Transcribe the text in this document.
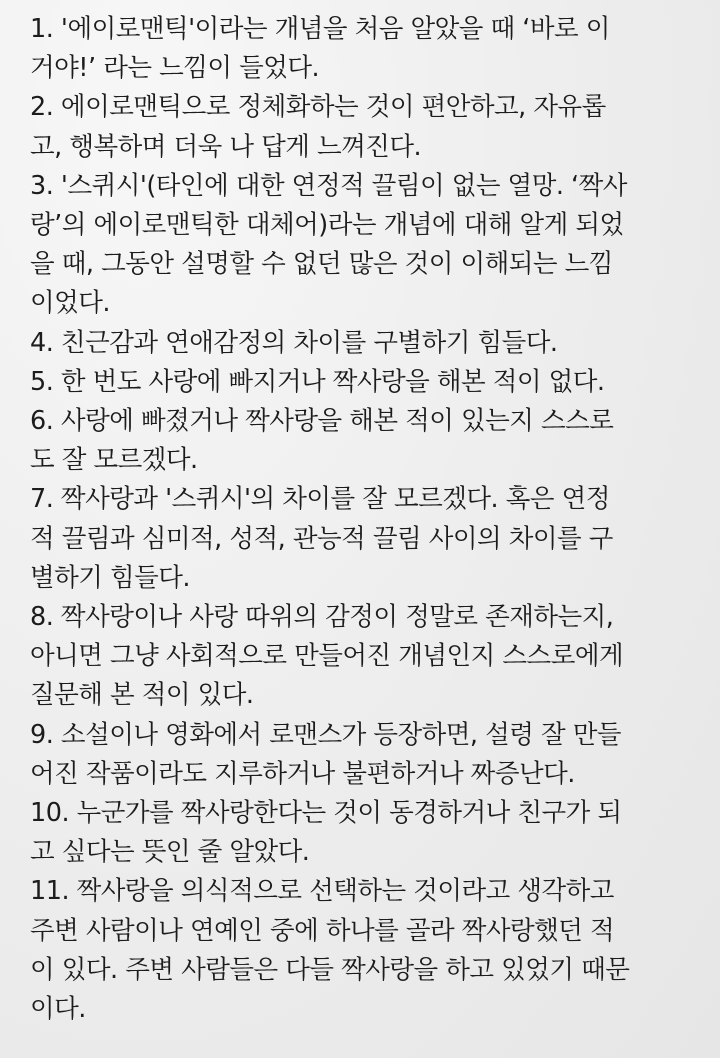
1. '에이로맨틱'이라는 개념을 처음 알았을 때 ‘바로 이
거야!’ 라는 느낌이 들었다.

2. 에이로맨틱으로 정체화하는 것이 편안하고, 자유롭
고, 행복하며 더욱 나 답게 느껴진다.

3. '스퀴시'(타인에 대한 연정적 끌림이 없는 열망. ‘짝사
랑’의 에이로맨틱한 대체어)라는 개념에 대해 알게 되었
을 때, 그동안 설명할 수 없던 많은 것이 이해되는 느낌
이었다.

4. 친근감과 연애감정의 차이를 구별하기 힘들다.

5. 한 번도 사랑에 빠지거나 짝사랑을 해본 적이 없다.

6. 사랑에 빠졌거나 짝사랑을 해본 적이 있는지 스스로
도 잘 모르겠다.

7. 짝사랑과 '스퀴시'의 차이를 잘 모르겠다. 혹은 연정
적 끌림과 심미적, 성적, 관능적 끌림 사이의 차이를 구
별하기 힘들다.

8. 짝사랑이나 사랑 따위의 감정이 정말로 존재하는지,
아니면 그냥 사회적으로 만들어진 개념인지 스스로에게
질문해 본 적이 있다.

9. 소설이나 영화에서 로맨스가 등장하면, 설령 잘 만들
어진 작품이라도 지루하거나 불편하거나 짜증난다.

10. 누군가를 짝사랑한다는 것이 동경하거나 친구가 되
고 싶다는 뜻인 줄 알았다.

11. 짝사랑을 의식적으로 선택하는 것이라고 생각하고
주변 사람이나 연예인 중에 하나를 골라 짝사랑했던 적
이 있다. 주변 사람들은 다들 짝사랑을 하고 있었기 때문
이다.
